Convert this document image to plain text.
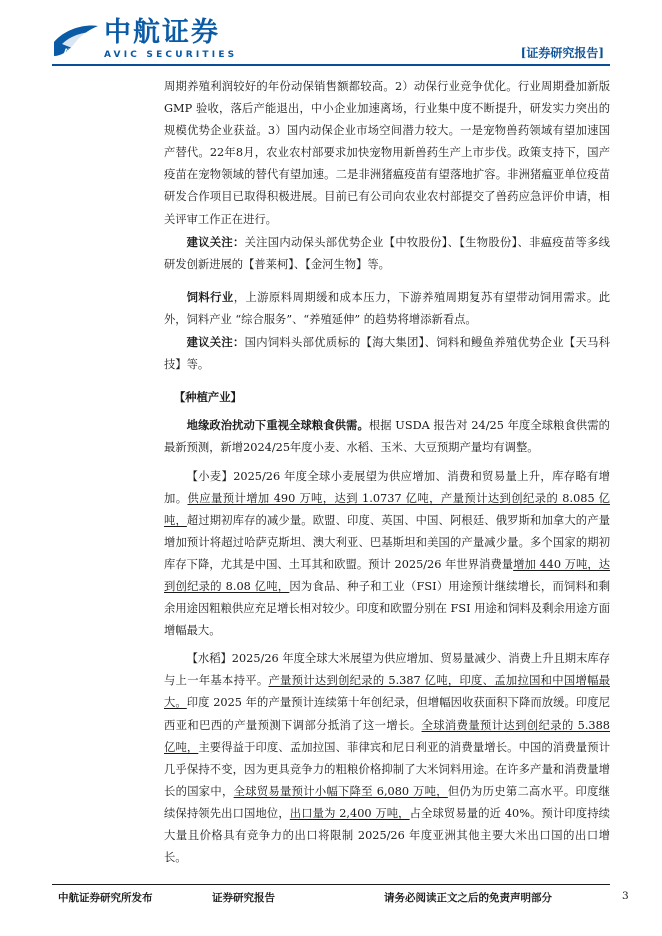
AVIC
中航证券
AVIC SECURITIES	[证券研究报告]

周期养殖利润较好的年份动保销售额都较高。2）动保行业竞争优化。行业周期叠加新版 GMP 验收，落后产能退出，中小企业加速离场，行业集中度不断提升，研发实力突出的规模优势企业获益。3）国内动保企业市场空间潜力较大。一是宠物兽药领域有望加速国产替代。22年8月，农业农村部要求加快宠物用新兽药生产上市步伐。政策支持下，国产疫苗在宠物领域的替代有望加速。二是非洲猪瘟疫苗有望落地扩容。非洲猪瘟亚单位疫苗研发合作项目已取得积极进展。目前已有公司向农业农村部提交了兽药应急评价申请，相关评审工作正在进行。

建议关注：关注国内动保头部优势企业【中牧股份】、【生物股份】、非瘟疫苗等多线研发创新进展的【普莱柯】、【金河生物】等。

饲料行业，上游原料周期缓和成本压力，下游养殖周期复苏有望带动饲用需求。此外，饲料产业 “综合服务”、“养殖延伸” 的趋势将增添新看点。

建议关注：国内饲料头部优质标的【海大集团】、饲料和鳗鱼养殖优势企业【天马科技】等。

【种植产业】

地缘政治扰动下重视全球粮食供需。根据 USDA 报告对 24/25 年度全球粮食供需的最新预测，新增2024/25年度小麦、水稻、玉米、大豆预期产量均有调整。

【小麦】2025/26 年度全球小麦展望为供应增加、消费和贸易量上升，库存略有增加。供应量预计增加 490 万吨，达到 1.0737 亿吨，产量预计达到创纪录的 8.085 亿吨，超过期初库存的减少量。欧盟、印度、英国、中国、阿根廷、俄罗斯和加拿大的产量增加预计将超过哈萨克斯坦、澳大利亚、巴基斯坦和美国的产量减少量。多个国家的期初库存下降，尤其是中国、土耳其和欧盟。预计 2025/26 年世界消费量增加 440 万吨，达到创纪录的 8.08 亿吨，因为食品、种子和工业（FSI）用途预计继续增长，而饲料和剩余用途因粗粮供应充足增长相对较少。印度和欧盟分别在 FSI 用途和饲料及剩余用途方面增幅最大。

【水稻】2025/26 年度全球大米展望为供应增加、贸易量减少、消费上升且期末库存与上一年基本持平。产量预计达到创纪录的 5.387 亿吨，印度、孟加拉国和中国增幅最大。印度 2025 年的产量预计连续第十年创纪录，但增幅因收获面积下降而放缓。印度尼西亚和巴西的产量预测下调部分抵消了这一增长。全球消费量预计达到创纪录的 5.388 亿吨，主要得益于印度、孟加拉国、菲律宾和尼日利亚的消费量增长。中国的消费量预计几乎保持不变，因为更具竞争力的粗粮价格抑制了大米饲料用途。在许多产量和消费量增长的国家中，全球贸易量预计小幅下降至 6,080 万吨，但仍为历史第二高水平。印度继续保持领先出口国地位，出口量为 2,400 万吨，占全球贸易量的近 40%。预计印度持续大量且价格具有竞争力的出口将限制 2025/26 年度亚洲其他主要大米出口国的出口增长。

中航证券研究所发布	证券研究报告	请务必阅读正文之后的免责声明部分	3
